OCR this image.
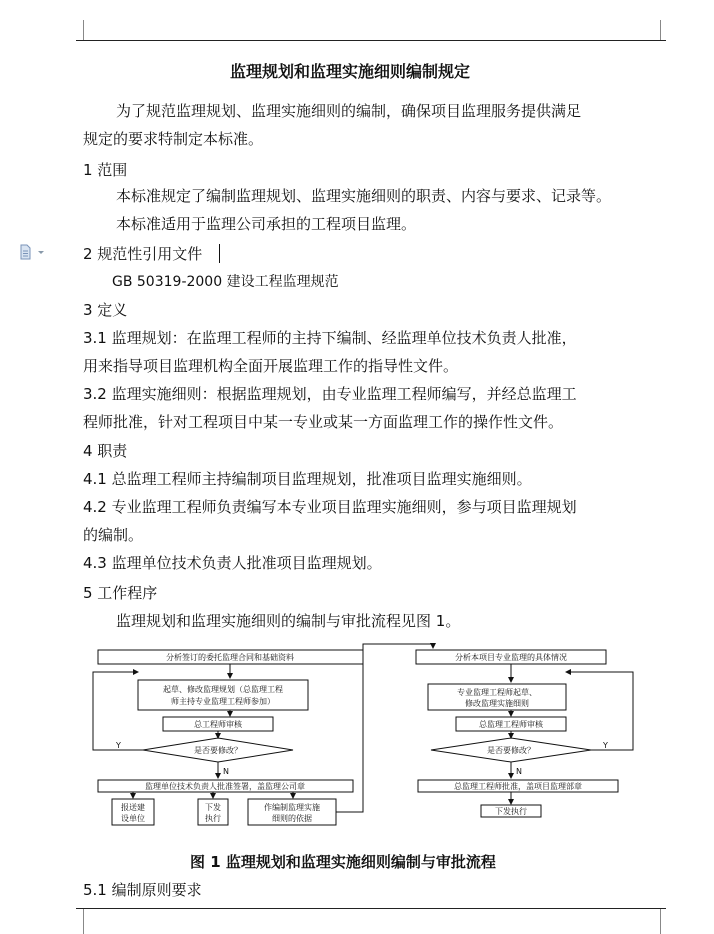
监理规划和监理实施细则编制规定
为了规范监理规划、监理实施细则的编制，确保项目监理服务提供满足
规定的要求特制定本标准。
1 范围
本标准规定了编制监理规划、监理实施细则的职责、内容与要求、记录等。
本标准适用于监理公司承担的工程项目监理。
2 规范性引用文件
GB 50319-2000 建设工程监理规范
3 定义
3.1 监理规划：在监理工程师的主持下编制、经监理单位技术负责人批准，
用来指导项目监理机构全面开展监理工作的指导性文件。
3.2 监理实施细则：根据监理规划，由专业监理工程师编写，并经总监理工
程师批准，针对工程项目中某一专业或某一方面监理工作的操作性文件。
4 职责
4.1 总监理工程师主持编制项目监理规划，批准项目监理实施细则。
4.2 专业监理工程师负责编写本专业项目监理实施细则，参与项目监理规划
的编制。
4.3 监理单位技术负责人批准项目监理规划。
5 工作程序
监理规划和监理实施细则的编制与审批流程见图 1。
分析签订的委托监理合同和基础资料
起草、修改监理规划（总监理工程
师主持专业监理工程师参加）
总工程师审核
是否要修改？
Y
N
监理单位技术负责人批准签署，盖监理公司章
报送建
设单位
下发
执行
作编制监理实施
细则的依据
分析本项目专业监理的具体情况
专业监理工程师起草、
修改监理实施细则
总监理工程师审核
是否要修改？
Y
N
总监理工程师批准，盖项目监理部章
下发执行
图 1 监理规划和监理实施细则编制与审批流程
5.1 编制原则要求
